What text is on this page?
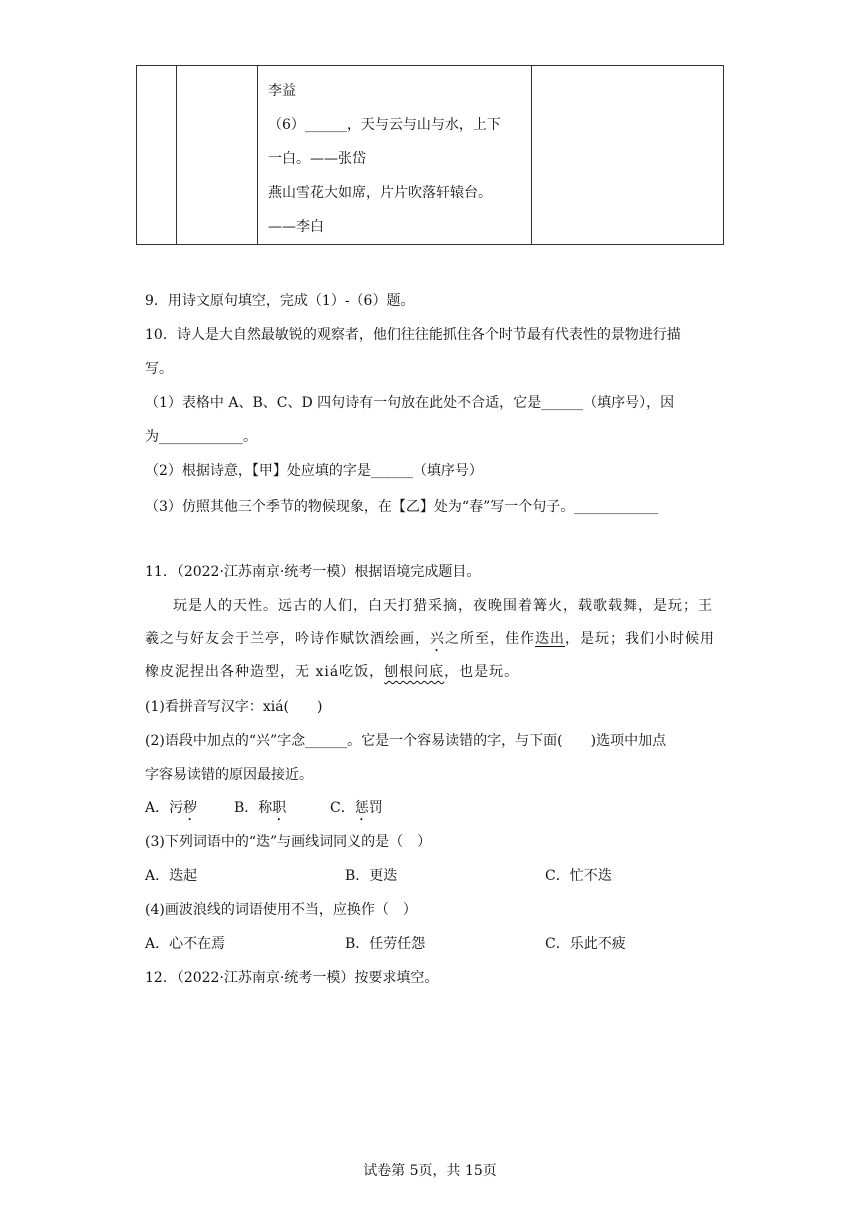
李益
（6）______，天与云与山与水，上下
一白。——张岱
燕山雪花大如席，片片吹落轩辕台。
——李白
9．用诗文原句填空，完成（1）-（6）题。
10．诗人是大自然最敏锐的观察者，他们往往能抓住各个时节最有代表性的景物进行描
写。
（1）表格中 A、B、C、D 四句诗有一句放在此处不合适，它是______（填序号），因
为____________。
（2）根据诗意，【甲】处应填的字是______（填序号）
（3）仿照其他三个季节的物候现象，在【乙】处为“春”写一个句子。____________
11．（2022·江苏南京·统考一模）根据语境完成题目。
玩是人的天性。远古的人们，白天打猎采摘，夜晚围着篝火，载歌载舞，是玩；王
羲之与好友会于兰亭，吟诗作赋饮酒绘画，兴之所至，佳作迭出，是玩；我们小时候用
橡皮泥捏出各种造型，无 xiá吃饭，刨根问底，也是玩。
(1)看拼音写汉字：xiá(　　)
(2)语段中加点的“兴”字念______。它是一个容易读错的字，与下面(　　)选项中加点
字容易读错的原因最接近。
A．污秽	B．称职	C．惩罚
(3)下列词语中的“迭”与画线词同义的是（　）
A．迭起	B．更迭	C．忙不迭
(4)画波浪线的词语使用不当，应换作（　）
A．心不在焉	B．任劳任怨	C．乐此不疲
12．（2022·江苏南京·统考一模）按要求填空。
试卷第 5页，共 15页
